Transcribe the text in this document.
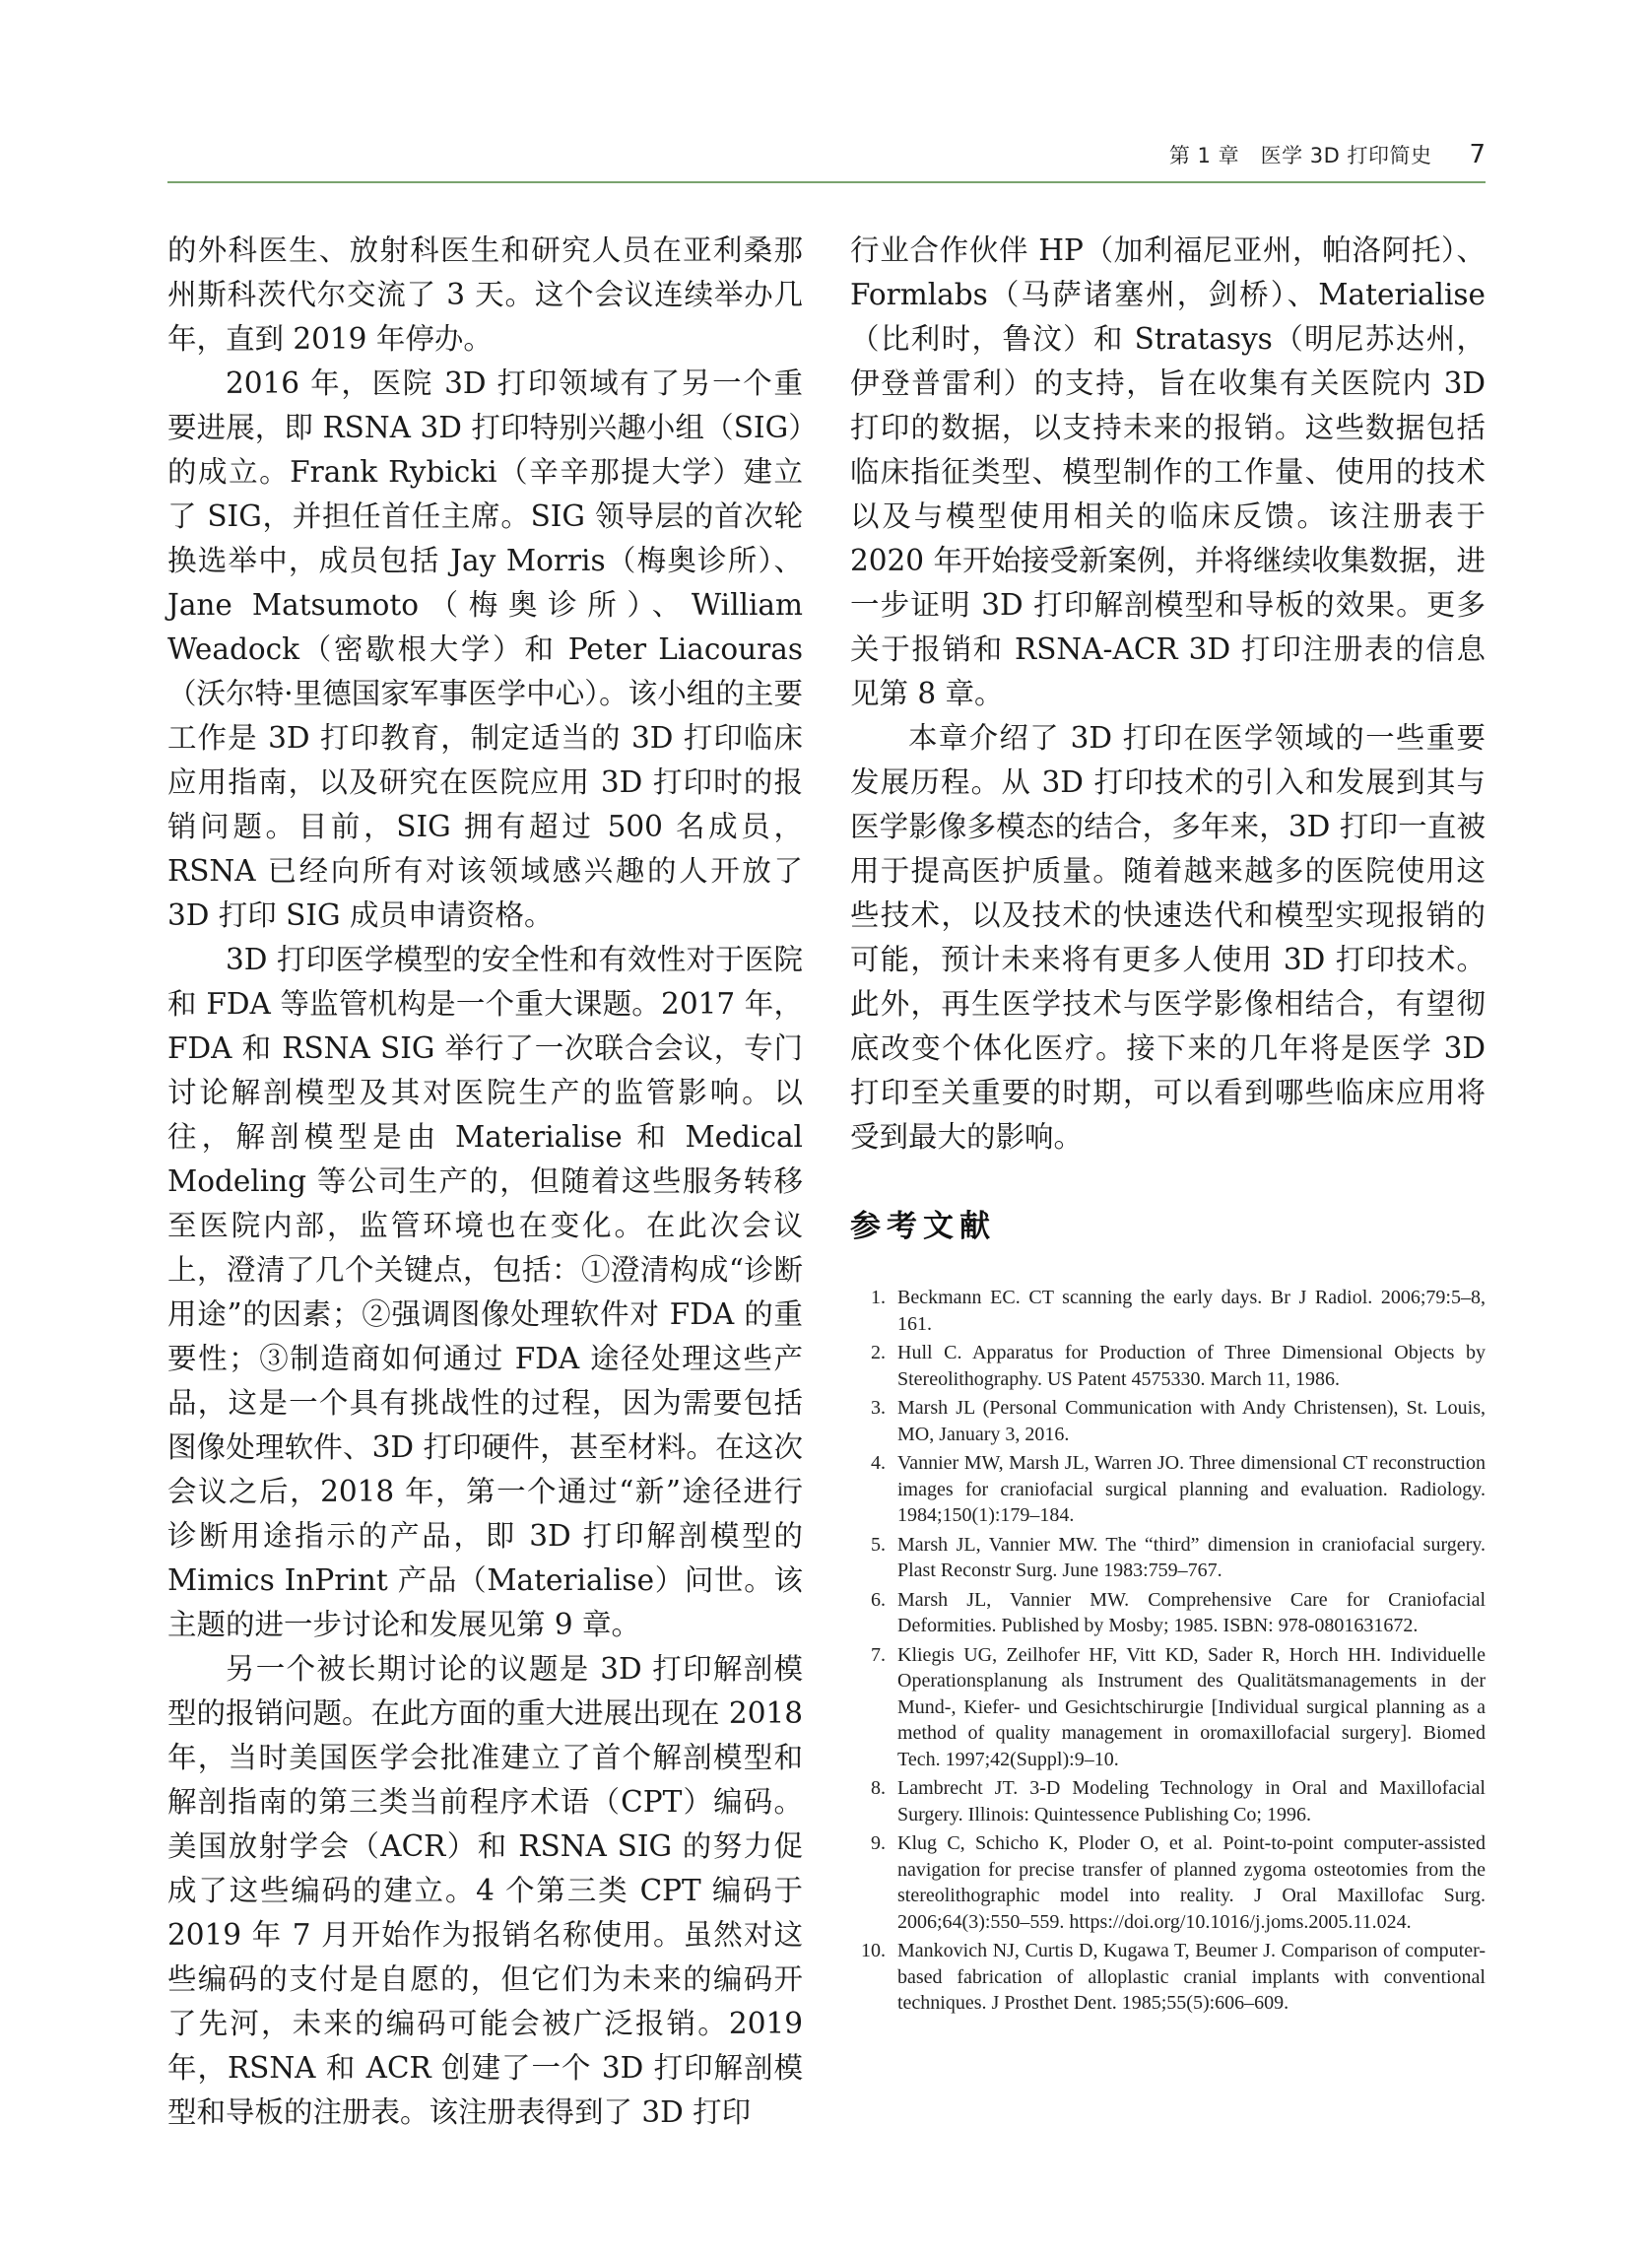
第 1 章　医学 3D 打印简史 7

的外科医生、放射科医生和研究人员在亚利桑那州斯科茨代尔交流了 3 天。这个会议连续举办几年，直到 2019 年停办。

2016 年，医院 3D 打印领域有了另一个重要进展，即 RSNA 3D 打印特别兴趣小组（SIG）的成立。Frank Rybicki（辛辛那提大学）建立了 SIG，并担任首任主席。SIG 领导层的首次轮换选举中，成员包括 Jay Morris（梅奥诊所）、Jane Matsumoto（梅奥诊所）、William Weadock（密歇根大学）和 Peter Liacouras（沃尔特·里德国家军事医学中心）。该小组的主要工作是 3D 打印教育，制定适当的 3D 打印临床应用指南，以及研究在医院应用 3D 打印时的报销问题。目前，SIG 拥有超过 500 名成员，RSNA 已经向所有对该领域感兴趣的人开放了 3D 打印 SIG 成员申请资格。

3D 打印医学模型的安全性和有效性对于医院和 FDA 等监管机构是一个重大课题。2017 年，FDA 和 RSNA SIG 举行了一次联合会议，专门讨论解剖模型及其对医院生产的监管影响。以往，解剖模型是由 Materialise 和 Medical Modeling 等公司生产的，但随着这些服务转移至医院内部，监管环境也在变化。在此次会议上，澄清了几个关键点，包括：①澄清构成“诊断用途”的因素；②强调图像处理软件对 FDA 的重要性；③制造商如何通过 FDA 途径处理这些产品，这是一个具有挑战性的过程，因为需要包括图像处理软件、3D 打印硬件，甚至材料。在这次会议之后，2018 年，第一个通过“新”途径进行诊断用途指示的产品，即 3D 打印解剖模型的 Mimics InPrint 产品（Materialise）问世。该主题的进一步讨论和发展见第 9 章。

另一个被长期讨论的议题是 3D 打印解剖模型的报销问题。在此方面的重大进展出现在 2018 年，当时美国医学会批准建立了首个解剖模型和解剖指南的第三类当前程序术语（CPT）编码。美国放射学会（ACR）和 RSNA SIG 的努力促成了这些编码的建立。4 个第三类 CPT 编码于 2019 年 7 月开始作为报销名称使用。虽然对这些编码的支付是自愿的，但它们为未来的编码开了先河，未来的编码可能会被广泛报销。2019 年，RSNA 和 ACR 创建了一个 3D 打印解剖模型和导板的注册表。该注册表得到了 3D 打印

行业合作伙伴 HP（加利福尼亚州，帕洛阿托）、Formlabs（马萨诸塞州，剑桥）、Materialise（比利时，鲁汶）和 Stratasys（明尼苏达州，伊登普雷利）的支持，旨在收集有关医院内 3D 打印的数据，以支持未来的报销。这些数据包括临床指征类型、模型制作的工作量、使用的技术以及与模型使用相关的临床反馈。该注册表于 2020 年开始接受新案例，并将继续收集数据，进一步证明 3D 打印解剖模型和导板的效果。更多关于报销和 RSNA-ACR 3D 打印注册表的信息见第 8 章。

本章介绍了 3D 打印在医学领域的一些重要发展历程。从 3D 打印技术的引入和发展到其与医学影像多模态的结合，多年来，3D 打印一直被用于提高医护质量。随着越来越多的医院使用这些技术，以及技术的快速迭代和模型实现报销的可能，预计未来将有更多人使用 3D 打印技术。此外，再生医学技术与医学影像相结合，有望彻底改变个体化医疗。接下来的几年将是医学 3D 打印至关重要的时期，可以看到哪些临床应用将受到最大的影响。

参考文献
1. Beckmann EC. CT scanning the early days. Br J Radiol. 2006;79:5–8, 161.
2. Hull C. Apparatus for Production of Three Dimensional Objects by Stereolithography. US Patent 4575330. March 11, 1986.
3. Marsh JL (Personal Communication with Andy Christensen), St. Louis, MO, January 3, 2016.
4. Vannier MW, Marsh JL, Warren JO. Three dimensional CT reconstruction images for craniofacial surgical planning and evaluation. Radiology. 1984;150(1):179–184.
5. Marsh JL, Vannier MW. The “third” dimension in craniofacial surgery. Plast Reconstr Surg. June 1983:759–767.
6. Marsh JL, Vannier MW. Comprehensive Care for Craniofacial Deformities. Published by Mosby; 1985. ISBN: 978-0801631672.
7. Kliegis UG, Zeilhofer HF, Vitt KD, Sader R, Horch HH. Individuelle Operationsplanung als Instrument des Qualitätsmanagements in der Mund-, Kiefer- und Gesichtschirurgie [Individual surgical planning as a method of quality management in oromaxillofacial surgery]. Biomed Tech. 1997;42(Suppl):9–10.
8. Lambrecht JT. 3-D Modeling Technology in Oral and Maxillofacial Surgery. Illinois: Quintessence Publishing Co; 1996.
9. Klug C, Schicho K, Ploder O, et al. Point-to-point computer-assisted navigation for precise transfer of planned zygoma osteotomies from the stereolithographic model into reality. J Oral Maxillofac Surg. 2006;64(3):550–559. https://doi.org/10.1016/j.joms.2005.11.024.
10. Mankovich NJ, Curtis D, Kugawa T, Beumer J. Comparison of computer-based fabrication of alloplastic cranial implants with conventional techniques. J Prosthet Dent. 1985;55(5):606–609.
